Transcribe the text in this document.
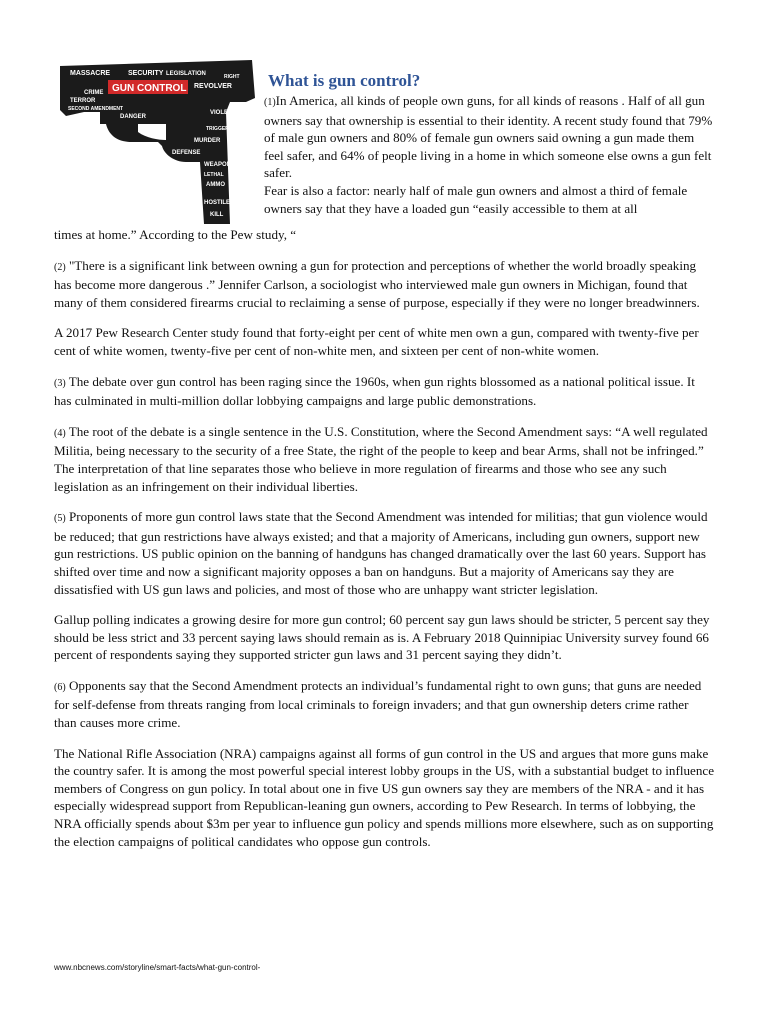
MASSACRE	SECURITY
REVOLVER
WEAPON
TERROR
DANGER
DEFENSE
SECOND AMENDMENT
LEGISLATION
AMMO
VIOLENCE
HOSTILE
MURDER
CRIME
TRIGGER
KILL
LETHAL
RIGHT
GUN CONTROL	What is gun control?

(1)In America, all kinds of people own guns, for all kinds of reasons . Half of all gun owners say that ownership is essential to their identity. A recent study found that 79% of male gun owners and 80% of female gun owners said owning a gun made them feel safer, and 64% of people living in a home in which someone else owns a gun felt safer.

Fear is also a factor: nearly half of male gun owners and almost a third of female owners say that they have a loaded gun “easily accessible to them at all

times at home.” According to the Pew study, “

(2) "There is a significant link between owning a gun for protection and perceptions of whether the world broadly speaking has become more dangerous .” Jennifer Carlson, a sociologist who interviewed male gun owners in Michigan, found that many of them considered firearms crucial to reclaiming a sense of purpose, especially if they were no longer breadwinners.

A 2017 Pew Research Center study found that forty-eight per cent of white men own a gun, compared with twenty-five per cent of white women, twenty-five per cent of non-white men, and sixteen per cent of non-white women.

(3) The debate over gun control has been raging since the 1960s, when gun rights blossomed as a national political issue. It has culminated in multi-million dollar lobbying campaigns and large public demonstrations.

(4) The root of the debate is a single sentence in the U.S. Constitution, where the Second Amendment says: “A well regulated Militia, being necessary to the security of a free State, the right of the people to keep and bear Arms, shall not be infringed.” The interpretation of that line separates those who believe in more regulation of firearms and those who see any such legislation as an infringement on their individual liberties.

(5) Proponents of more gun control laws state that the Second Amendment was intended for militias; that gun violence would be reduced; that gun restrictions have always existed; and that a majority of Americans, including gun owners, support new gun restrictions. US public opinion on the banning of handguns has changed dramatically over the last 60 years. Support has shifted over time and now a significant majority opposes a ban on handguns. But a majority of Americans say they are dissatisfied with US gun laws and policies, and most of those who are unhappy want stricter legislation.

Gallup polling indicates a growing desire for more gun control; 60 percent say gun laws should be stricter, 5 percent say they should be less strict and 33 percent saying laws should remain as is. A February 2018 Quinnipiac University survey found 66 percent of respondents saying they supported stricter gun laws and 31 percent saying they didn’t.

(6) Opponents say that the Second Amendment protects an individual’s fundamental right to own guns; that guns are needed for self-defense from threats ranging from local criminals to foreign invaders; and that gun ownership deters crime rather than causes more crime.

The National Rifle Association (NRA) campaigns against all forms of gun control in the US and argues that more guns make the country safer. It is among the most powerful special interest lobby groups in the US, with a substantial budget to influence members of Congress on gun policy. In total about one in five US gun owners say they are members of the NRA - and it has especially widespread support from Republican-leaning gun owners, according to Pew Research. In terms of lobbying, the NRA officially spends about $3m per year to influence gun policy and spends millions more elsewhere, such as on supporting the election campaigns of political candidates who oppose gun controls.

www.nbcnews.com/storyline/smart-facts/what-gun-control-
